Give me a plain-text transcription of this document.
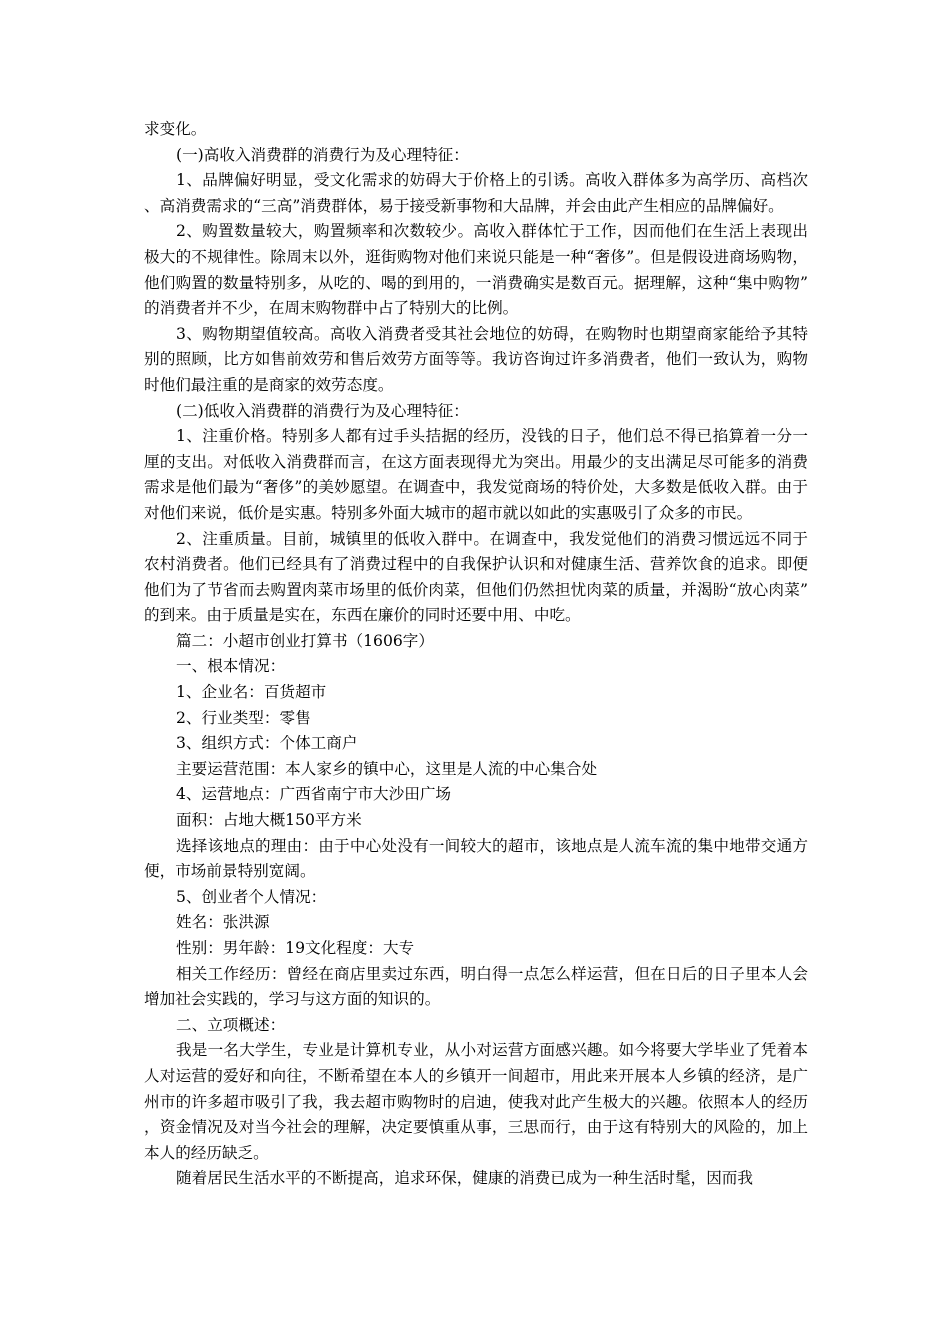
求变化。

(一)高收入消费群的消费行为及心理特征：

1、品牌偏好明显，受文化需求的妨碍大于价格上的引诱。高收入群体多为高学历、高档次、高消费需求的“三高”消费群体，易于接受新事物和大品牌，并会由此产生相应的品牌偏好。

2、购置数量较大，购置频率和次数较少。高收入群体忙于工作，因而他们在生活上表现出极大的不规律性。除周末以外，逛街购物对他们来说只能是一种“奢侈”。但是假设进商场购物，他们购置的数量特别多，从吃的、喝的到用的，一消费确实是数百元。据理解，这种“集中购物”的消费者并不少，在周末购物群中占了特别大的比例。

3、购物期望值较高。高收入消费者受其社会地位的妨碍，在购物时也期望商家能给予其特别的照顾，比方如售前效劳和售后效劳方面等等。我访咨询过许多消费者，他们一致认为，购物时他们最注重的是商家的效劳态度。

(二)低收入消费群的消费行为及心理特征：

1、注重价格。特别多人都有过手头拮据的经历，没钱的日子，他们总不得已掐算着一分一厘的支出。对低收入消费群而言，在这方面表现得尤为突出。用最少的支出满足尽可能多的消费需求是他们最为“奢侈”的美妙愿望。在调查中，我发觉商场的特价处，大多数是低收入群。由于对他们来说，低价是实惠。特别多外面大城市的超市就以如此的实惠吸引了众多的市民。

2、注重质量。目前，城镇里的低收入群中。在调查中，我发觉他们的消费习惯远远不同于农村消费者。他们已经具有了消费过程中的自我保护认识和对健康生活、营养饮食的追求。即便他们为了节省而去购置肉菜市场里的低价肉菜，但他们仍然担忧肉菜的质量，并渴盼“放心肉菜”的到来。由于质量是实在，东西在廉价的同时还要中用、中吃。

篇二：小超市创业打算书（1606字）

一、根本情况：

1、企业名：百货超市

2、行业类型：零售

3、组织方式：个体工商户

主要运营范围：本人家乡的镇中心，这里是人流的中心集合处

4、运营地点：广西省南宁市大沙田广场

面积：占地大概150平方米

选择该地点的理由：由于中心处没有一间较大的超市，该地点是人流车流的集中地带交通方便，市场前景特别宽阔。

5、创业者个人情况：

姓名：张洪源

性别：男年龄：19文化程度：大专

相关工作经历：曾经在商店里卖过东西，明白得一点怎么样运营，但在日后的日子里本人会增加社会实践的，学习与这方面的知识的。

二、立项概述：

我是一名大学生，专业是计算机专业，从小对运营方面感兴趣。如今将要大学毕业了凭着本人对运营的爱好和向往，不断希望在本人的乡镇开一间超市，用此来开展本人乡镇的经济，是广州市的许多超市吸引了我，我去超市购物时的启迪，使我对此产生极大的兴趣。依照本人的经历，资金情况及对当今社会的理解，决定要慎重从事，三思而行，由于这有特别大的风险的，加上本人的经历缺乏。

随着居民生活水平的不断提高，追求环保，健康的消费已成为一种生活时髦，因而我
